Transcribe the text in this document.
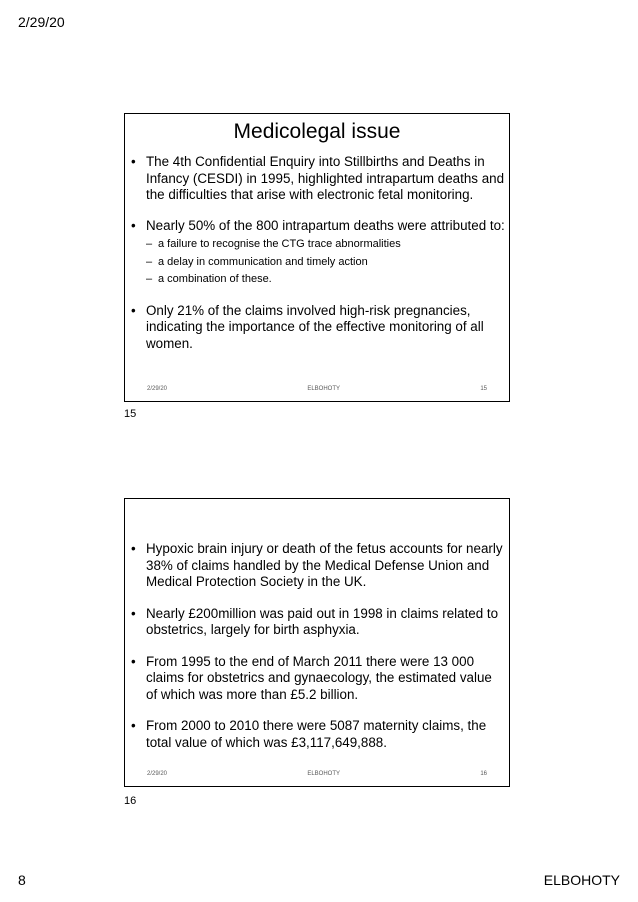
2/29/20
Medicolegal issue
• The 4th Confidential Enquiry into Stillbirths and Deaths in Infancy (CESDI) in 1995, highlighted intrapartum deaths and the difficulties that arise with electronic fetal monitoring.
• Nearly 50% of the 800 intrapartum deaths were attributed to:
– a failure to recognise the CTG trace abnormalities
– a delay in communication and timely action
– a combination of these.
• Only 21% of the claims involved high-risk pregnancies, indicating the importance of the effective monitoring of all women.
2/29/20	ELBOHOTY	15
15
• Hypoxic brain injury or death of the fetus accounts for nearly 38% of claims handled by the Medical Defense Union and Medical Protection Society in the UK.
• Nearly £200million was paid out in 1998 in claims related to obstetrics, largely for birth asphyxia.
• From 1995 to the end of March 2011 there were 13 000 claims for obstetrics and gynaecology, the estimated value of which was more than £5.2 billion.
• From 2000 to 2010 there were 5087 maternity claims, the total value of which was £3,117,649,888.
2/29/20	ELBOHOTY	16
16
8	ELBOHOTY
